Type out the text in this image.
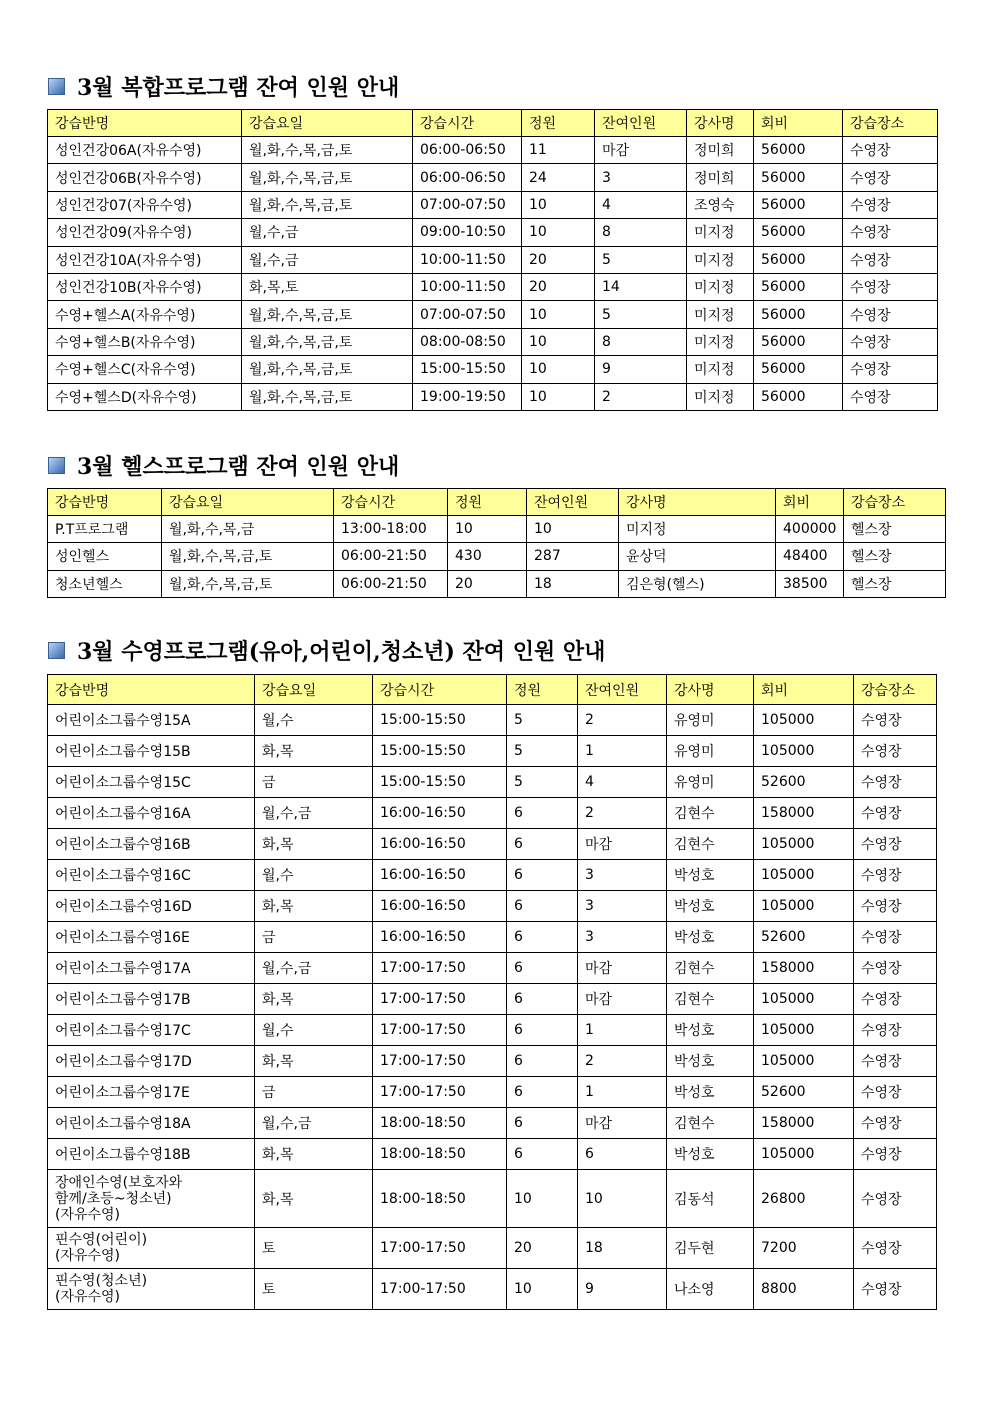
3월 복합프로그램 잔여 인원 안내
강습반명	강습요일	강습시간	정원	잔여인원	강사명	회비	강습장소
성인건강06A(자유수영)	월,화,수,목,금,토	06:00-06:50	11	마감	정미희	56000	수영장
성인건강06B(자유수영)	월,화,수,목,금,토	06:00-06:50	24	3	정미희	56000	수영장
성인건강07(자유수영)	월,화,수,목,금,토	07:00-07:50	10	4	조영숙	56000	수영장
성인건강09(자유수영)	월,수,금	09:00-10:50	10	8	미지정	56000	수영장
성인건강10A(자유수영)	월,수,금	10:00-11:50	20	5	미지정	56000	수영장
성인건강10B(자유수영)	화,목,토	10:00-11:50	20	14	미지정	56000	수영장
수영+헬스A(자유수영)	월,화,수,목,금,토	07:00-07:50	10	5	미지정	56000	수영장
수영+헬스B(자유수영)	월,화,수,목,금,토	08:00-08:50	10	8	미지정	56000	수영장
수영+헬스C(자유수영)	월,화,수,목,금,토	15:00-15:50	10	9	미지정	56000	수영장
수영+헬스D(자유수영)	월,화,수,목,금,토	19:00-19:50	10	2	미지정	56000	수영장
3월 헬스프로그램 잔여 인원 안내
강습반명	강습요일	강습시간	정원	잔여인원	강사명	회비	강습장소
P.T프로그램	월,화,수,목,금	13:00-18:00	10	10	미지정	400000	헬스장
성인헬스	월,화,수,목,금,토	06:00-21:50	430	287	윤상덕	48400	헬스장
청소년헬스	월,화,수,목,금,토	06:00-21:50	20	18	김은형(헬스)	38500	헬스장
3월 수영프로그램(유아,어린이,청소년) 잔여 인원 안내
강습반명	강습요일	강습시간	정원	잔여인원	강사명	회비	강습장소
어린이소그룹수영15A	월,수	15:00-15:50	5	2	유영미	105000	수영장
어린이소그룹수영15B	화,목	15:00-15:50	5	1	유영미	105000	수영장
어린이소그룹수영15C	금	15:00-15:50	5	4	유영미	52600	수영장
어린이소그룹수영16A	월,수,금	16:00-16:50	6	2	김현수	158000	수영장
어린이소그룹수영16B	화,목	16:00-16:50	6	마감	김현수	105000	수영장
어린이소그룹수영16C	월,수	16:00-16:50	6	3	박성호	105000	수영장
어린이소그룹수영16D	화,목	16:00-16:50	6	3	박성호	105000	수영장
어린이소그룹수영16E	금	16:00-16:50	6	3	박성호	52600	수영장
어린이소그룹수영17A	월,수,금	17:00-17:50	6	마감	김현수	158000	수영장
어린이소그룹수영17B	화,목	17:00-17:50	6	마감	김현수	105000	수영장
어린이소그룹수영17C	월,수	17:00-17:50	6	1	박성호	105000	수영장
어린이소그룹수영17D	화,목	17:00-17:50	6	2	박성호	105000	수영장
어린이소그룹수영17E	금	17:00-17:50	6	1	박성호	52600	수영장
어린이소그룹수영18A	월,수,금	18:00-18:50	6	마감	김현수	158000	수영장
어린이소그룹수영18B	화,목	18:00-18:50	6	6	박성호	105000	수영장
장애인수영(보호자와
함께/초등~청소년)
(자유수영)	화,목	18:00-18:50	10	10	김동석	26800	수영장
핀수영(어린이)
(자유수영)	토	17:00-17:50	20	18	김두현	7200	수영장
핀수영(청소년)
(자유수영)	토	17:00-17:50	10	9	나소영	8800	수영장
